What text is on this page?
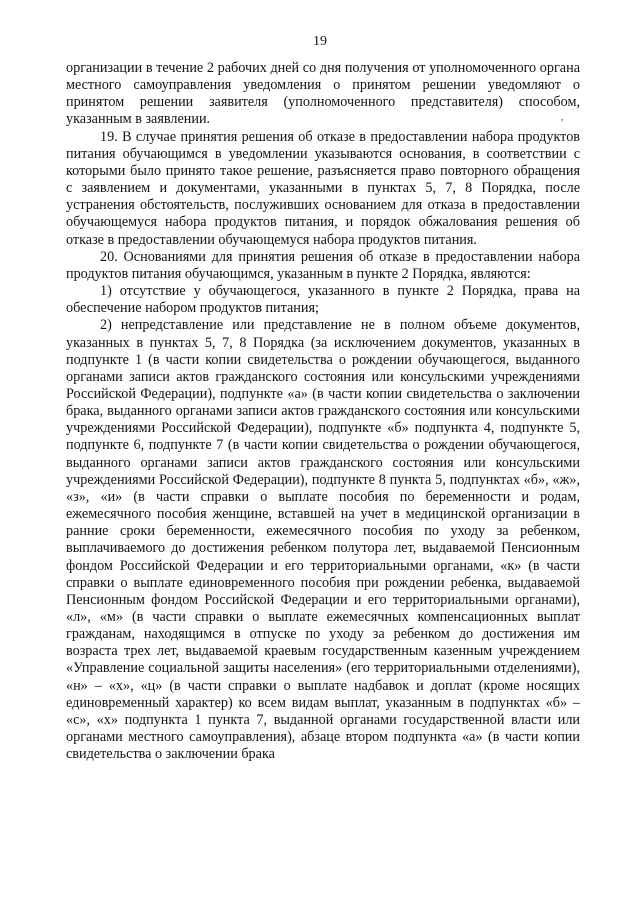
19

организации в течение 2 рабочих дней со дня получения от уполномоченного органа местного самоуправления уведомления о принятом решении уведомляют о принятом решении заявителя (уполномоченного представителя) способом, указанным в заявлении.

19. В случае принятия решения об отказе в предоставлении набора продуктов питания обучающимся в уведомлении указываются основания, в соответствии с которыми было принято такое решение, разъясняется право повторного обращения с заявлением и документами, указанными в пунктах 5, 7, 8 Порядка, после устранения обстоятельств, послуживших основанием для отказа в предоставлении обучающемуся набора продуктов питания, и порядок обжалования решения об отказе в предоставлении обучающемуся набора продуктов питания.

20. Основаниями для принятия решения об отказе в предоставлении набора продуктов питания обучающимся, указанным в пункте 2 Порядка, являются:

1) отсутствие у обучающегося, указанного в пункте 2 Порядка, права на обеспечение набором продуктов питания;

2) непредставление или представление не в полном объеме документов, указанных в пунктах 5, 7, 8 Порядка (за исключением документов, указанных в подпункте 1 (в части копии свидетельства о рождении обучающегося, выданного органами записи актов гражданского состояния или консульскими учреждениями Российской Федерации), подпункте «а» (в части копии свидетельства о заключении брака, выданного органами записи актов гражданского состояния или консульскими учреждениями Российской Федерации), подпункте «б» подпункта 4, подпункте 5, подпункте 6, подпункте 7 (в части копии свидетельства о рождении обучающегося, выданного органами записи актов гражданского состояния или консульскими учреждениями Российской Федерации), подпункте 8 пункта 5, подпунктах «б», «ж», «з», «и» (в части справки о выплате пособия по беременности и родам, ежемесячного пособия женщине, вставшей на учет в медицинской организации в ранние сроки беременности, ежемесячного пособия по уходу за ребенком, выплачиваемого до достижения ребенком полутора лет, выдаваемой Пенсионным фондом Российской Федерации и его территориальными органами, «к» (в части справки о выплате единовременного пособия при рождении ребенка, выдаваемой Пенсионным фондом Российской Федерации и его территориальными органами), «л», «м» (в части справки о выплате ежемесячных компенсационных выплат гражданам, находящимся в отпуске по уходу за ребенком до достижения им возраста трех лет, выдаваемой краевым государственным казенным учреждением «Управление социальной защиты населения» (его территориальными отделениями), «н» – «х», «ц» (в части справки о выплате надбавок и доплат (кроме носящих единовременный характер) ко всем видам выплат, указанным в подпунктах «б» – «с», «х» подпункта 1 пункта 7, выданной органами государственной власти или органами местного самоуправления), абзаце втором подпункта «а» (в части копии свидетельства о заключении брака

ʹ
